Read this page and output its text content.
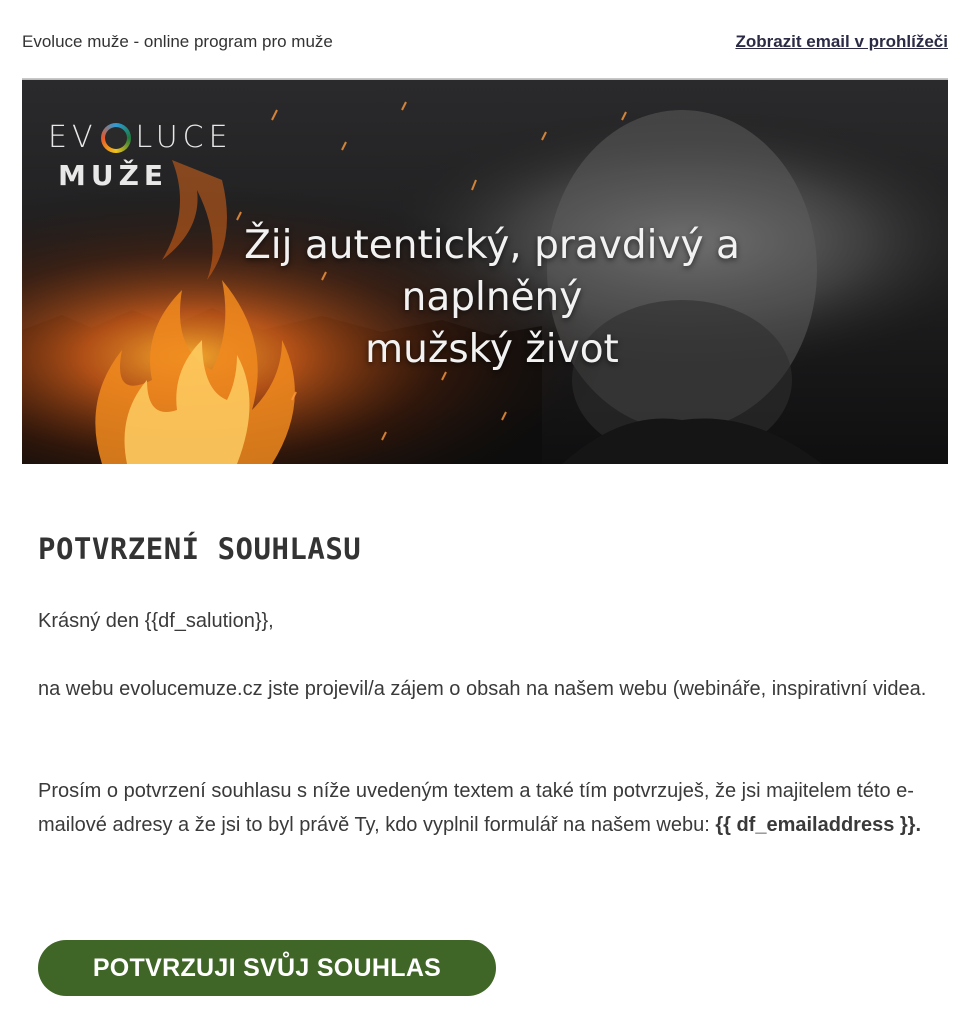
Evoluce muže - online program pro muže	Zobrazit email v prohlížeči
EV LUCE
MUŽE
Žij autentický, pravdivý a naplněný
mužský život
POTVRZENÍ SOUHLASU

Krásný den {{df_salution}},

na webu evolucemuze.cz jste projevil/a zájem o obsah na našem webu (webináře, inspirativní videa.

Prosím o potvrzení souhlasu s níže uvedeným textem a také tím potvrzuješ, že jsi majitelem této e-mailové adresy a že jsi to byl právě Ty, kdo vyplnil formulář na našem webu: {{ df_emailaddress }}.

POTVRZUJI SVŮJ SOUHLAS
